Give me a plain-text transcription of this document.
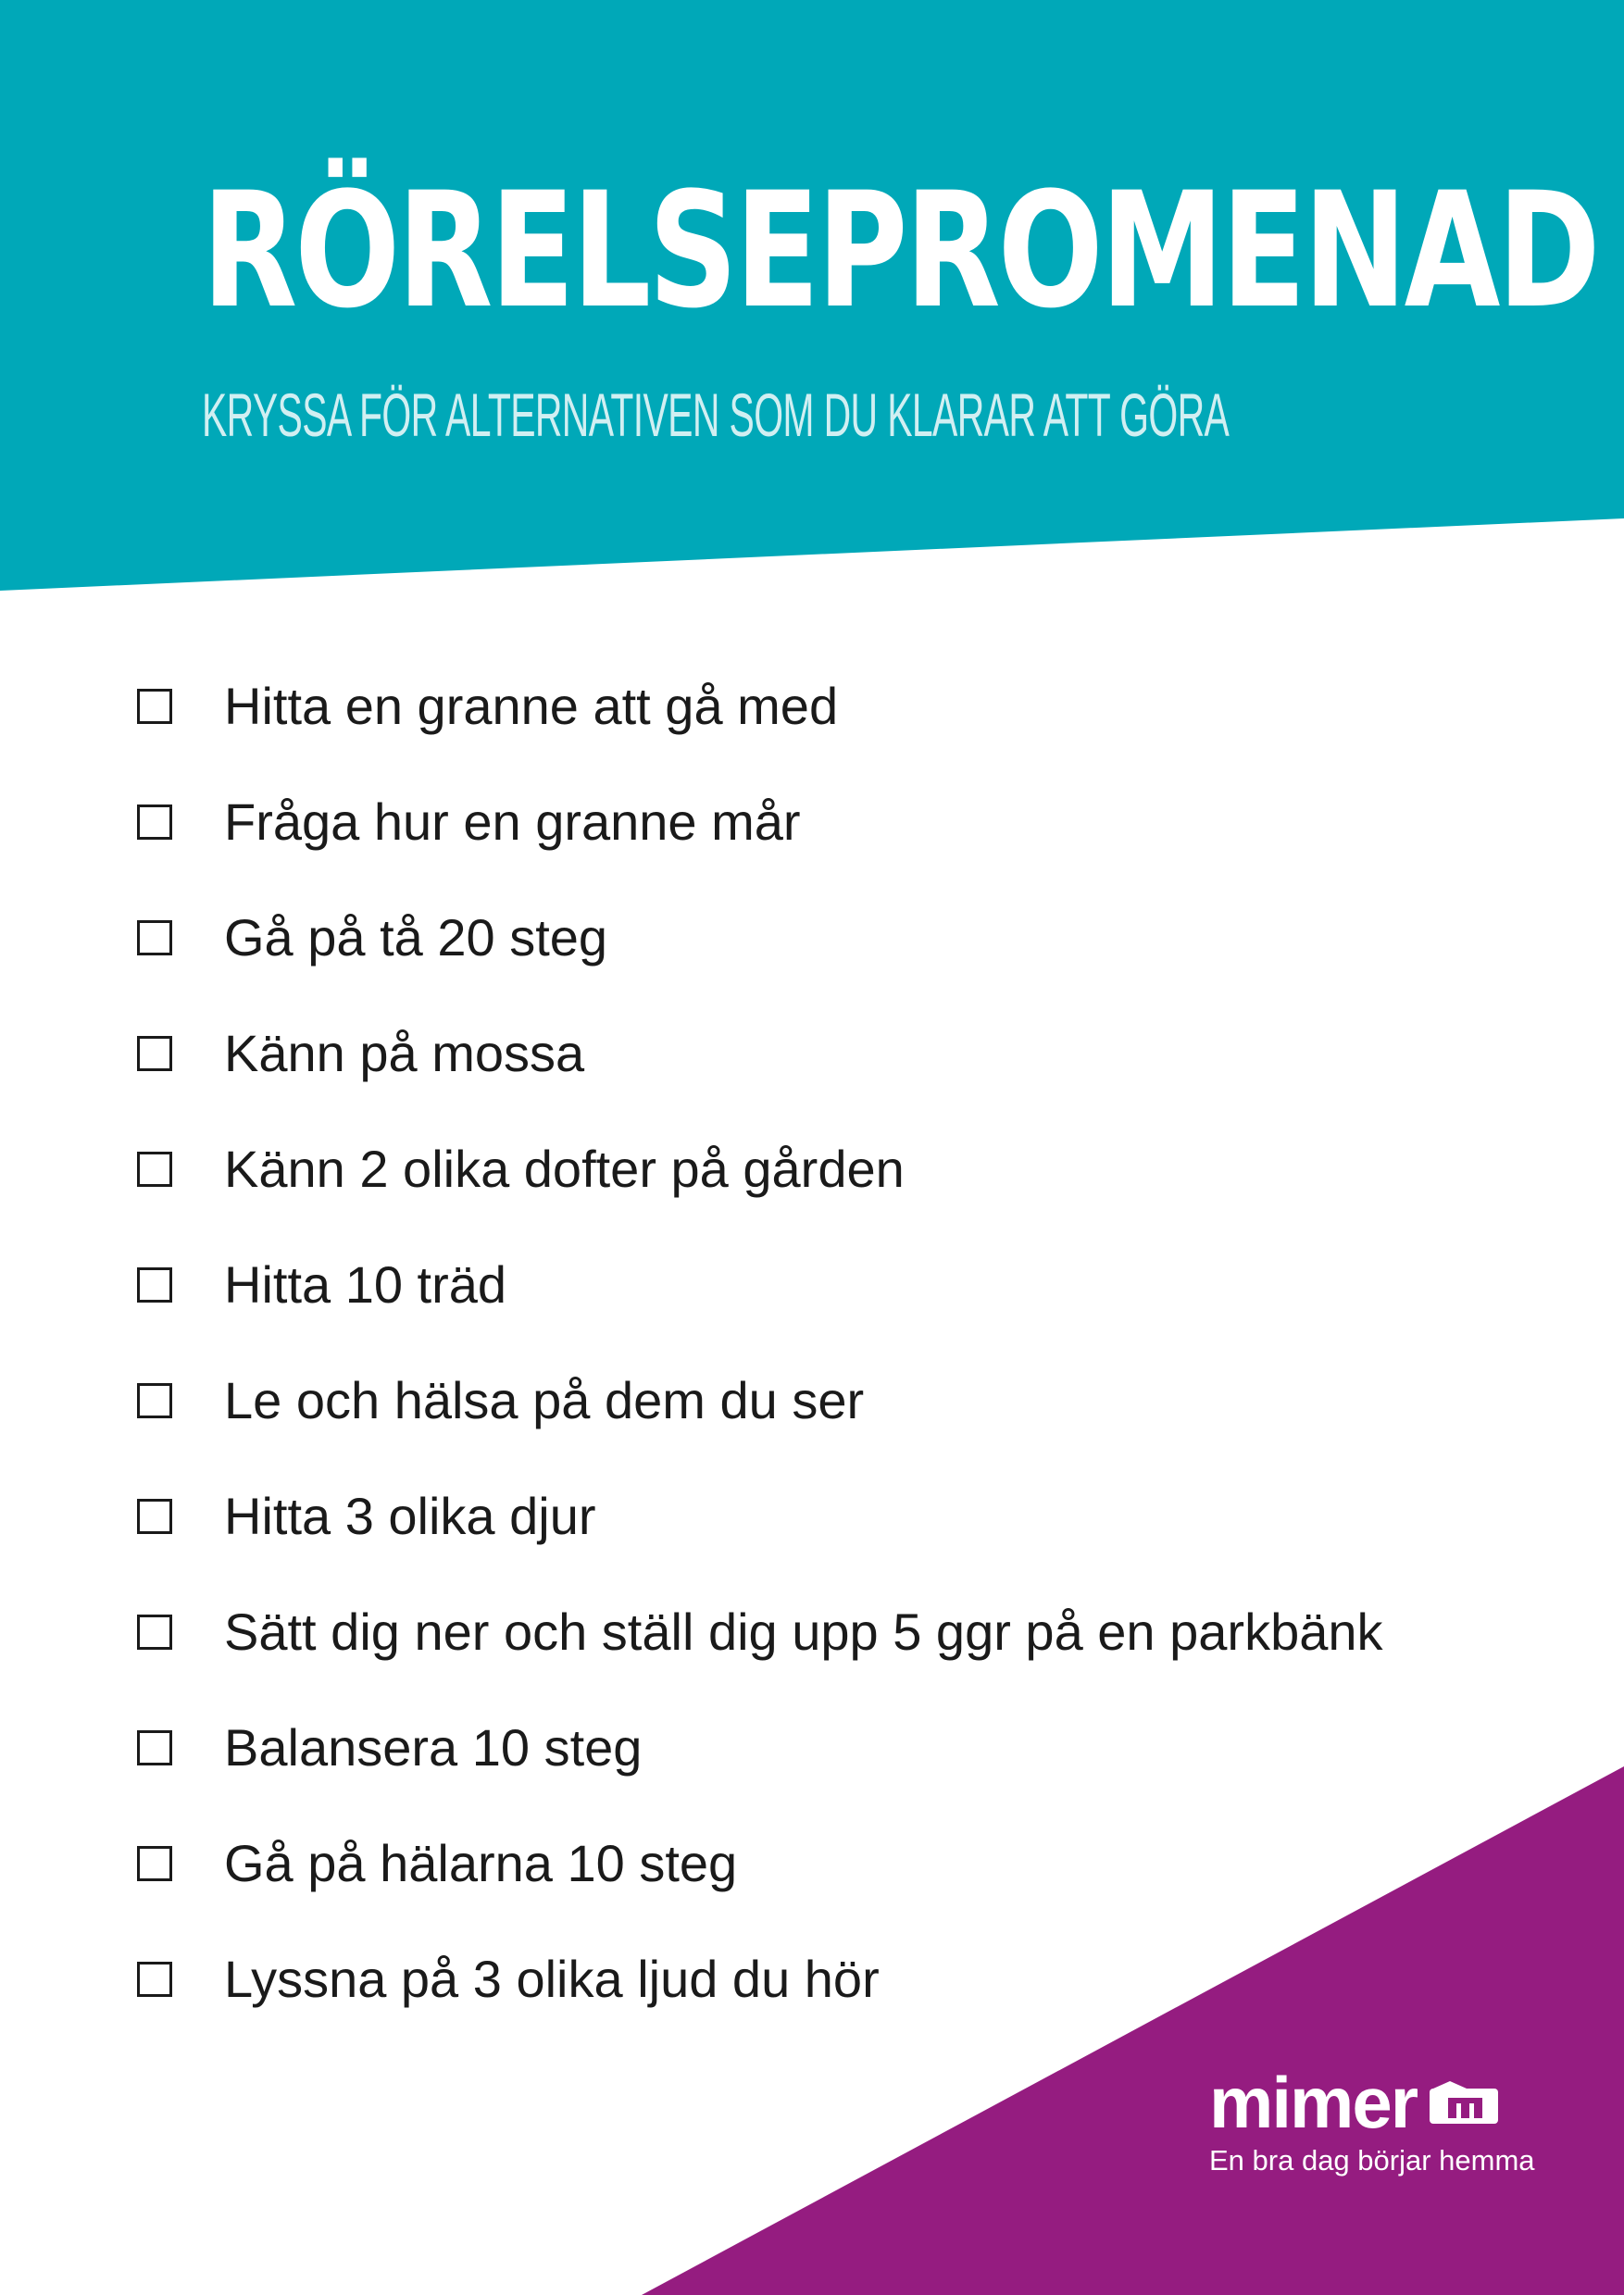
RÖRELSEPROMENAD

KRYSSA FÖR ALTERNATIVEN SOM DU KLARAR ATT GÖRA

Hitta en granne att gå med
Fråga hur en granne mår
Gå på tå 20 steg
Känn på mossa
Känn 2 olika dofter på gården
Hitta 10 träd
Le och hälsa på dem du ser
Hitta 3 olika djur
Sätt dig ner och ställ dig upp 5 ggr på en parkbänk
Balansera 10 steg
Gå på hälarna 10 steg
Lyssna på 3 olika ljud du hör
mimer
En bra dag börjar hemma
